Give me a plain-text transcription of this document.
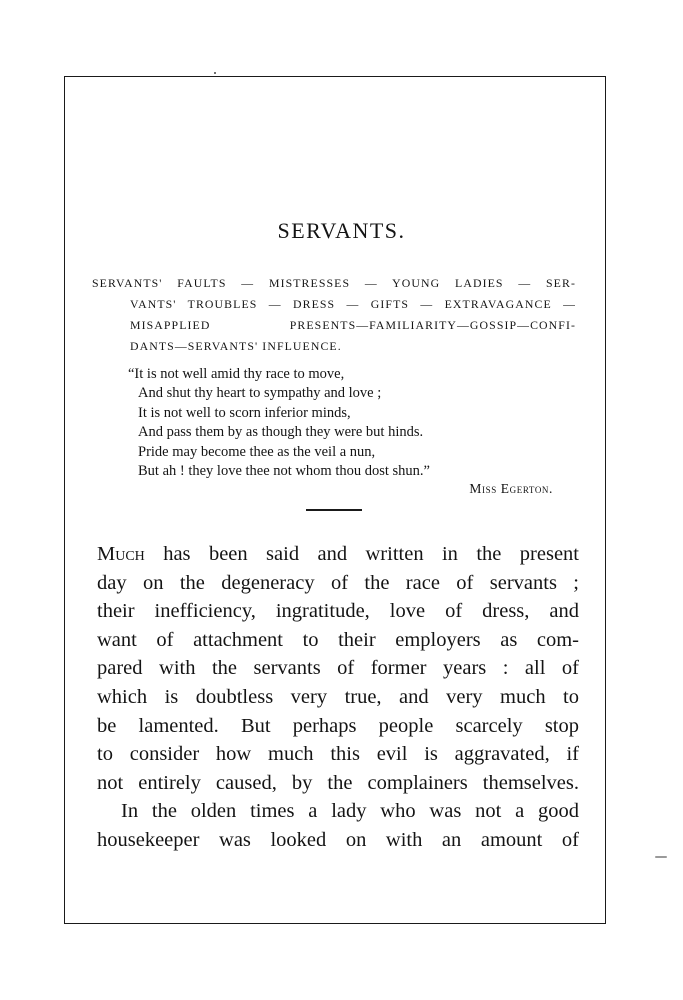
SERVANTS.
SERVANTS' FAULTS — MISTRESSES — YOUNG LADIES — SER-
VANTS' TROUBLES — DRESS — GIFTS — EXTRAVAGANCE —
MISAPPLIED PRESENTS—FAMILIARITY—GOSSIP—CONFI-
DANTS—SERVANTS' INFLUENCE.
“It is not well amid thy race to move,
And shut thy heart to sympathy and love ;
It is not well to scorn inferior minds,
And pass them by as though they were but hinds.
Pride may become thee as the veil a nun,
But ah ! they love thee not whom thou dost shun.”
Miss Egerton.
Much has been said and written in the present
day on the degeneracy of the race of servants ;
their inefficiency, ingratitude, love of dress, and
want of attachment to their employers as com-
pared with the servants of former years : all of
which is doubtless very true, and very much to
be lamented. But perhaps people scarcely stop
to consider how much this evil is aggravated, if
not entirely caused, by the complainers themselves.
In the olden times a lady who was not a good
housekeeper was looked on with an amount of
